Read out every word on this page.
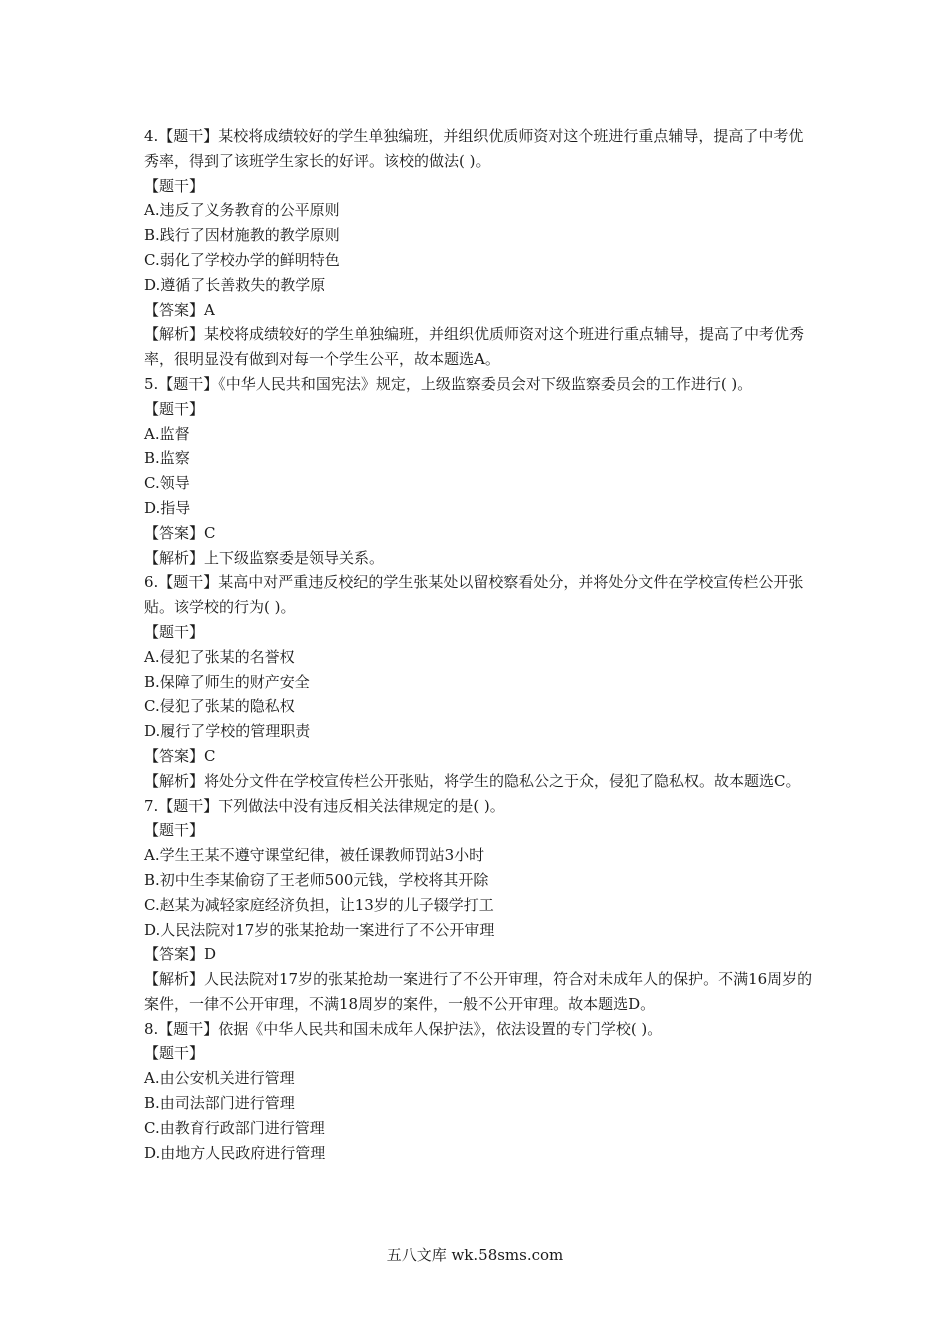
4.【题干】某校将成绩较好的学生单独编班，并组织优质师资对这个班进行重点辅导，提高了中考优秀率，得到了该班学生家长的好评。该校的做法( )。

【题干】

A.违反了义务教育的公平原则

B.践行了因材施教的教学原则

C.弱化了学校办学的鲜明特色

D.遵循了长善救失的教学原

【答案】A

【解析】某校将成绩较好的学生单独编班，并组织优质师资对这个班进行重点辅导，提高了中考优秀率，很明显没有做到对每一个学生公平，故本题选A。

5.【题干】《中华人民共和国宪法》规定，上级监察委员会对下级监察委员会的工作进行( )。

【题干】

A.监督

B.监察

C.领导

D.指导

【答案】C

【解析】上下级监察委是领导关系。

6.【题干】某高中对严重违反校纪的学生张某处以留校察看处分，并将处分文件在学校宣传栏公开张贴。该学校的行为( )。

【题干】

A.侵犯了张某的名誉权

B.保障了师生的财产安全

C.侵犯了张某的隐私权

D.履行了学校的管理职责

【答案】C

【解析】将处分文件在学校宣传栏公开张贴，将学生的隐私公之于众，侵犯了隐私权。故本题选C。

7.【题干】下列做法中没有违反相关法律规定的是( )。

【题干】

A.学生王某不遵守课堂纪律，被任课教师罚站3小时

B.初中生李某偷窃了王老师500元钱，学校将其开除

C.赵某为减轻家庭经济负担，让13岁的儿子辍学打工

D.人民法院对17岁的张某抢劫一案进行了不公开审理

【答案】D

【解析】人民法院对17岁的张某抢劫一案进行了不公开审理，符合对未成年人的保护。不满16周岁的案件，一律不公开审理，不满18周岁的案件，一般不公开审理。故本题选D。

8.【题干】依据《中华人民共和国未成年人保护法》，依法设置的专门学校( )。

【题干】

A.由公安机关进行管理

B.由司法部门进行管理

C.由教育行政部门进行管理

D.由地方人民政府进行管理

五八文库 wk.58sms.com
